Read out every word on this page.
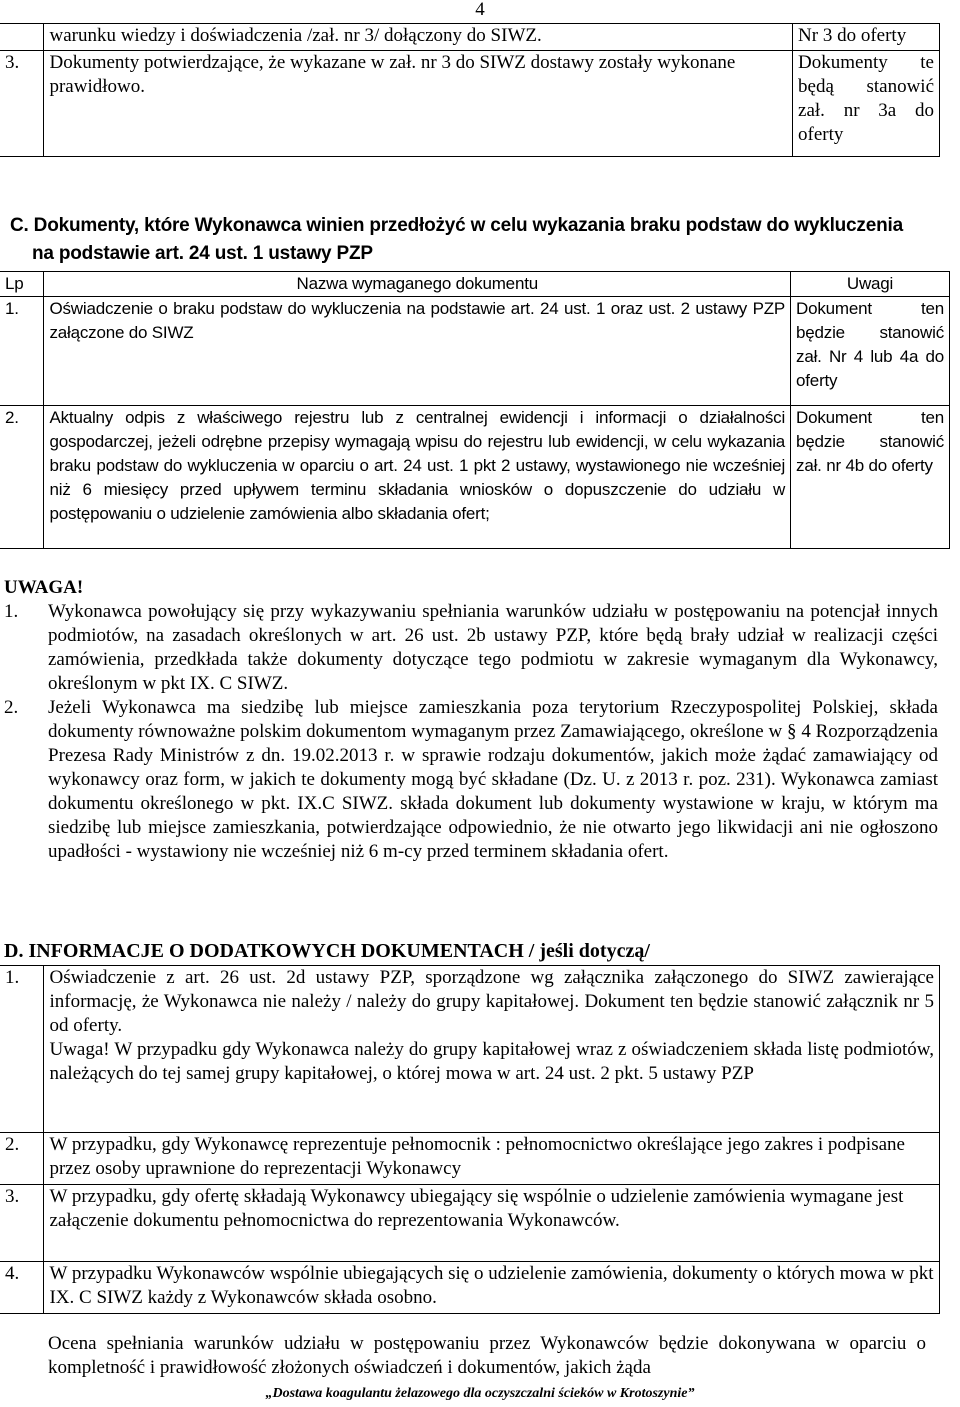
4
	warunku wiedzy i doświadczenia /zał. nr 3/ dołączony do SIWZ.	Nr 3 do oferty
3.	Dokumenty potwierdzające, że wykazane w zał. nr 3 do SIWZ dostawy zostały wykonane prawidłowo.	Dokumenty te będą stanowić zał. nr 3a do oferty
C. Dokumenty, które Wykonawca winien przedłożyć w celu wykazania braku podstaw do wykluczenia na podstawie art. 24 ust. 1 ustawy PZP
Lp	Nazwa wymaganego dokumentu	Uwagi
1.	Oświadczenie o braku podstaw do wykluczenia na podstawie art. 24 ust. 1 oraz ust. 2 ustawy PZP załączone do SIWZ	Dokument ten będzie stanowić zał. Nr 4 lub 4a do oferty
2.	Aktualny odpis z właściwego rejestru lub z centralnej ewidencji i informacji o działalności gospodarczej, jeżeli odrębne przepisy wymagają wpisu do rejestru lub ewidencji, w celu wykazania braku podstaw do wykluczenia w oparciu o art. 24 ust. 1 pkt 2 ustawy, wystawionego nie wcześniej niż 6 miesięcy przed upływem terminu składania wniosków o dopuszczenie do udziału w postępowaniu o udzielenie zamówienia albo składania ofert;	Dokument ten będzie stanowić zał. nr 4b do oferty
UWAGA!
1.	Wykonawca powołujący się przy wykazywaniu spełniania warunków udziału w postępowaniu na potencjał innych podmiotów, na zasadach określonych w art. 26 ust. 2b ustawy PZP, które będą brały udział w realizacji części zamówienia, przedkłada także dokumenty dotyczące tego podmiotu w zakresie wymaganym dla Wykonawcy, określonym w pkt IX. C SIWZ.
2.	Jeżeli Wykonawca ma siedzibę lub miejsce zamieszkania poza terytorium Rzeczypospolitej Polskiej, składa dokumenty równoważne polskim dokumentom wymaganym przez Zamawiającego, określone w § 4 Rozporządzenia Prezesa Rady Ministrów z dn. 19.02.2013 r. w sprawie rodzaju dokumentów, jakich może żądać zamawiający od wykonawcy oraz form, w jakich te dokumenty mogą być składane (Dz. U. z 2013 r. poz. 231). Wykonawca zamiast dokumentu określonego w pkt. IX.C SIWZ. składa dokument lub dokumenty wystawione w kraju, w którym ma siedzibę lub miejsce zamieszkania, potwierdzające odpowiednio, że nie otwarto jego likwidacji ani nie ogłoszono upadłości - wystawiony nie wcześniej niż 6 m-cy przed terminem składania ofert.
D. INFORMACJE O DODATKOWYCH DOKUMENTACH / jeśli dotyczą/
1.	Oświadczenie z art. 26 ust. 2d ustawy PZP, sporządzone wg załącznika załączonego do SIWZ zawierające informację, że Wykonawca nie należy / należy do grupy kapitałowej. Dokument ten będzie stanowić załącznik nr 5 od oferty.
Uwaga! W przypadku gdy Wykonawca należy do grupy kapitałowej wraz z oświadczeniem składa listę podmiotów, należących do tej samej grupy kapitałowej, o której mowa w art. 24 ust. 2 pkt. 5 ustawy PZP

2.	W przypadku, gdy Wykonawcę reprezentuje pełnomocnik : pełnomocnictwo określające jego zakres i podpisane przez osoby uprawnione do reprezentacji Wykonawcy
3.	W przypadku, gdy ofertę składają Wykonawcy ubiegający się wspólnie o udzielenie zamówienia wymagane jest załączenie dokumentu pełnomocnictwa do reprezentowania Wykonawców.
4.	W przypadku Wykonawców wspólnie ubiegających się o udzielenie zamówienia, dokumenty o których mowa w pkt IX. C SIWZ każdy z Wykonawców składa osobno.
Ocena spełniania warunków udziału w postępowaniu przez Wykonawców będzie dokonywana w oparciu o kompletność i prawidłowość złożonych oświadczeń i dokumentów, jakich żąda
„Dostawa koagulantu żelazowego dla oczyszczalni ścieków w Krotoszynie”
